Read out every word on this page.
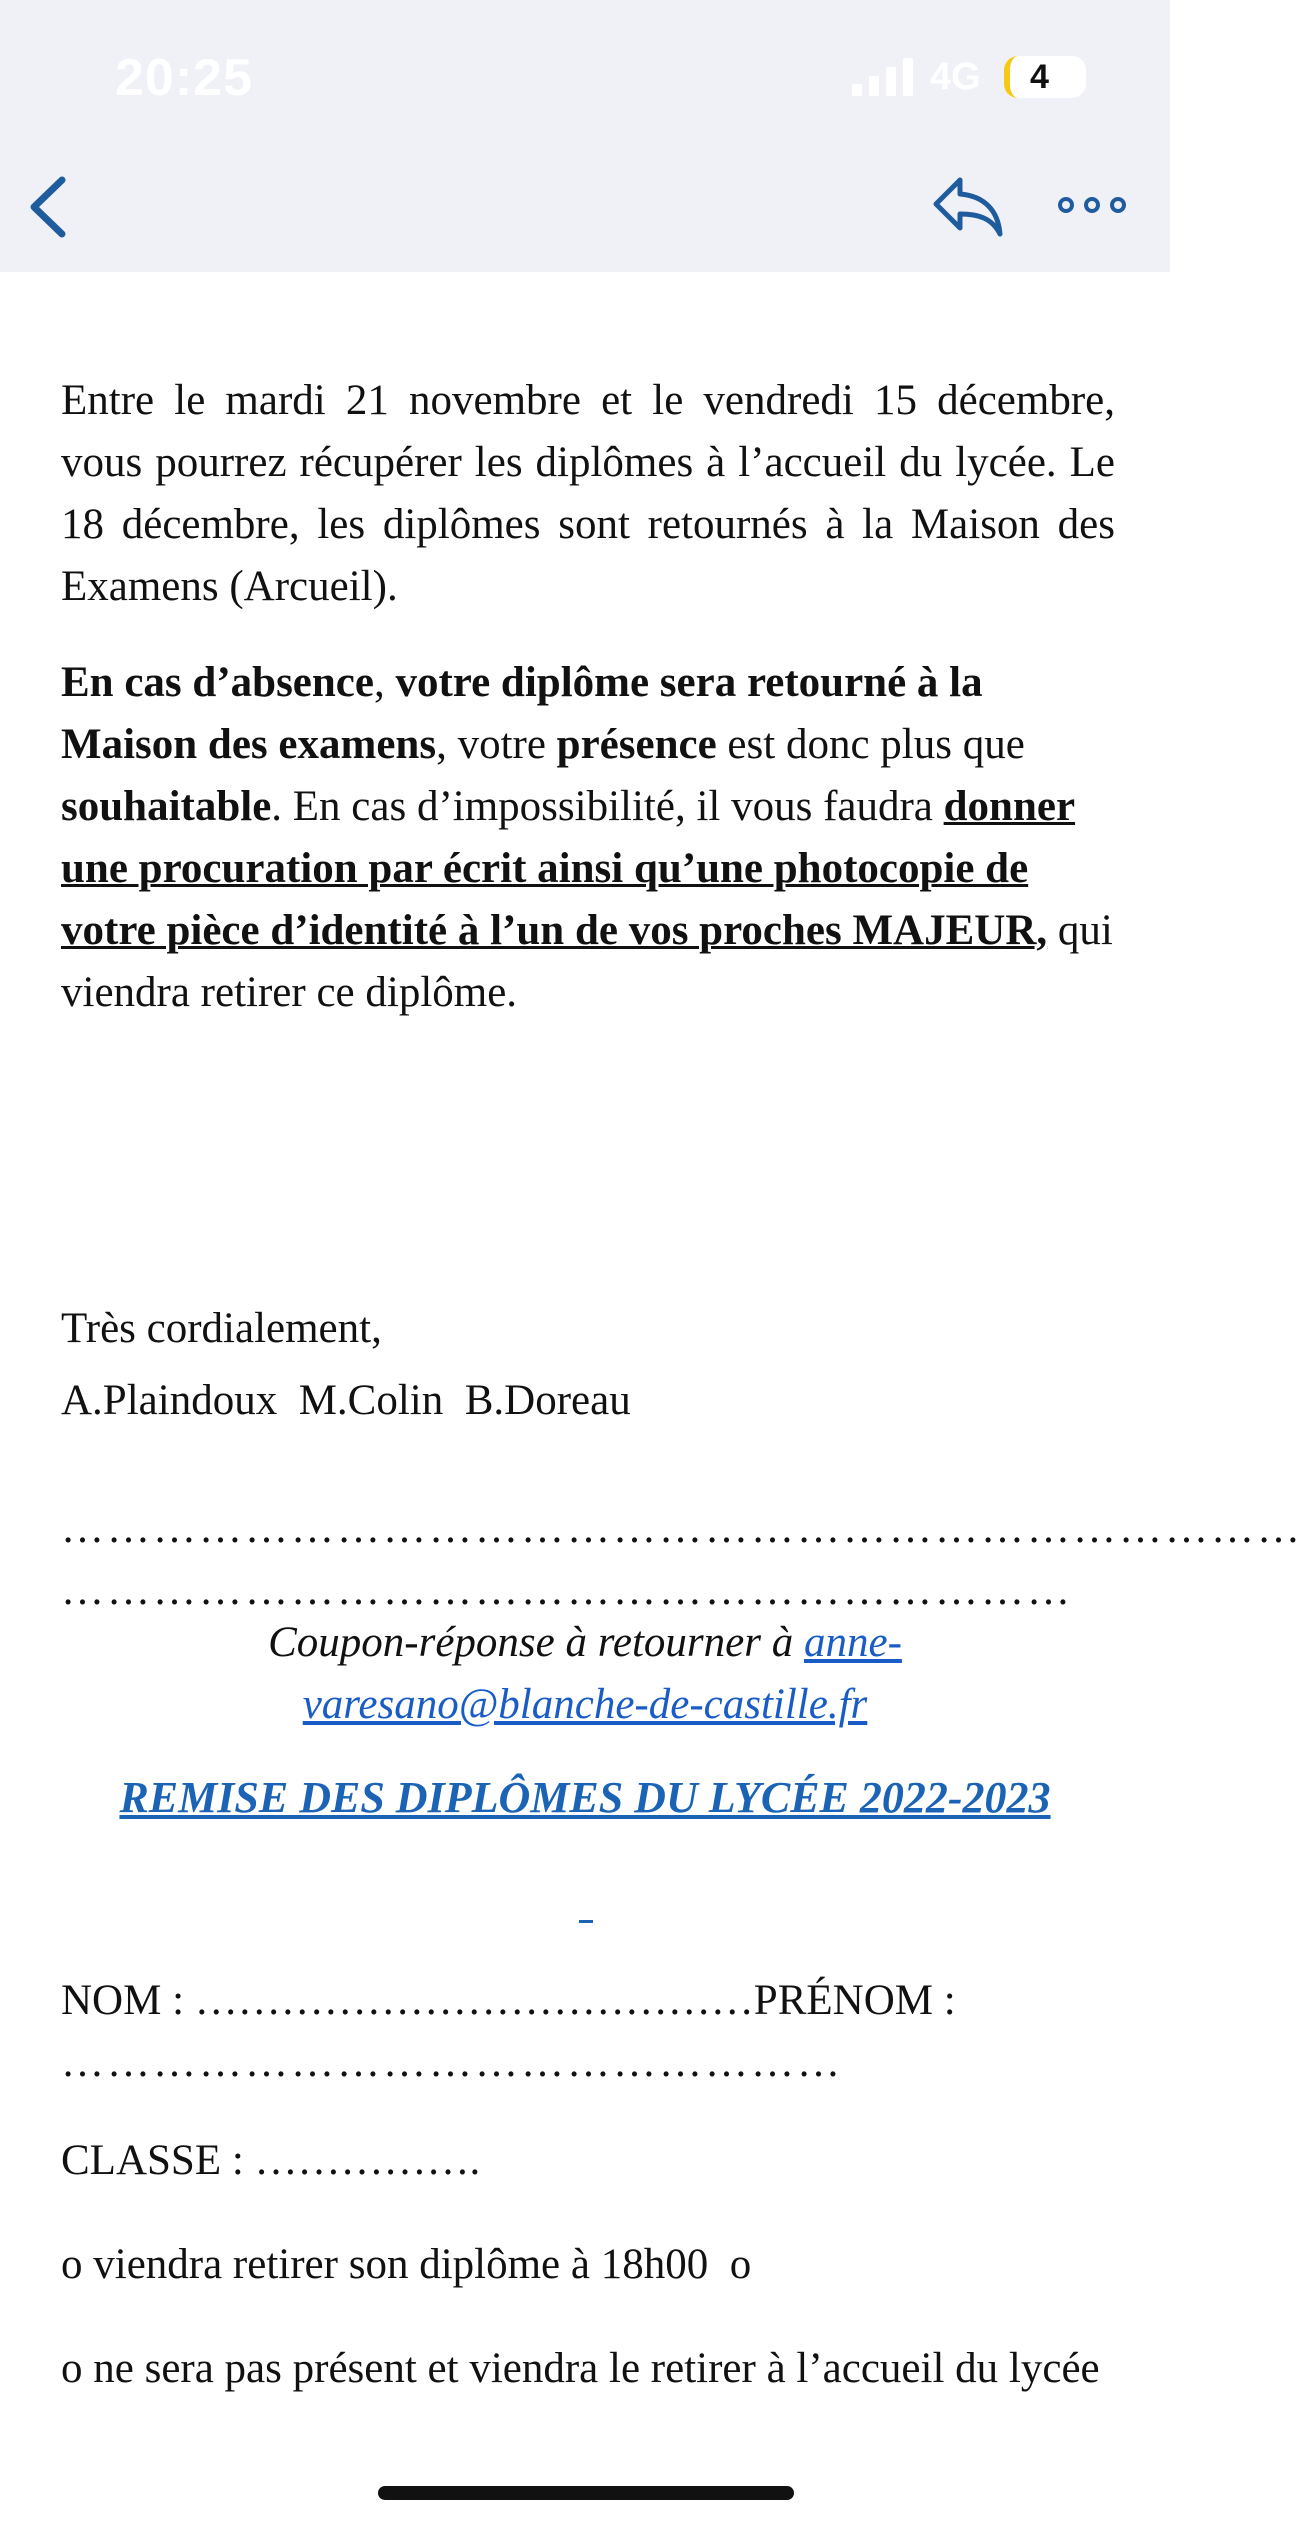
20:25	4G 4

Entre le mardi 21 novembre et le vendredi 15 décembre, vous pourrez récupérer les diplômes à l’accueil du lycée. Le 18 décembre, les diplômes sont retournés à la Maison des Examens (Arcueil).

En cas d’absence, votre diplôme sera retourné à la Maison des examens, votre présence est donc plus que souhaitable. En cas d’impossibilité, il vous faudra donner une procuration par écrit ainsi qu’une photocopie de votre pièce d’identité à l’un de vos proches MAJEUR, qui viendra retirer ce diplôme.

Très cordialement,

A.Plaindoux  M.Colin  B.Doreau

………………………………………………………………………

…………………………………………………………

Coupon-réponse à retourner à anne-varesano@blanche-de-castille.fr

REMISE DES DIPLÔMES DU LYCÉE 2022-2023

NOM : …………………………………PRÉNOM :

……………………………………………

CLASSE : …………….

o viendra retirer son diplôme à 18h00  o

o ne sera pas présent et viendra le retirer à l’accueil du lycée
